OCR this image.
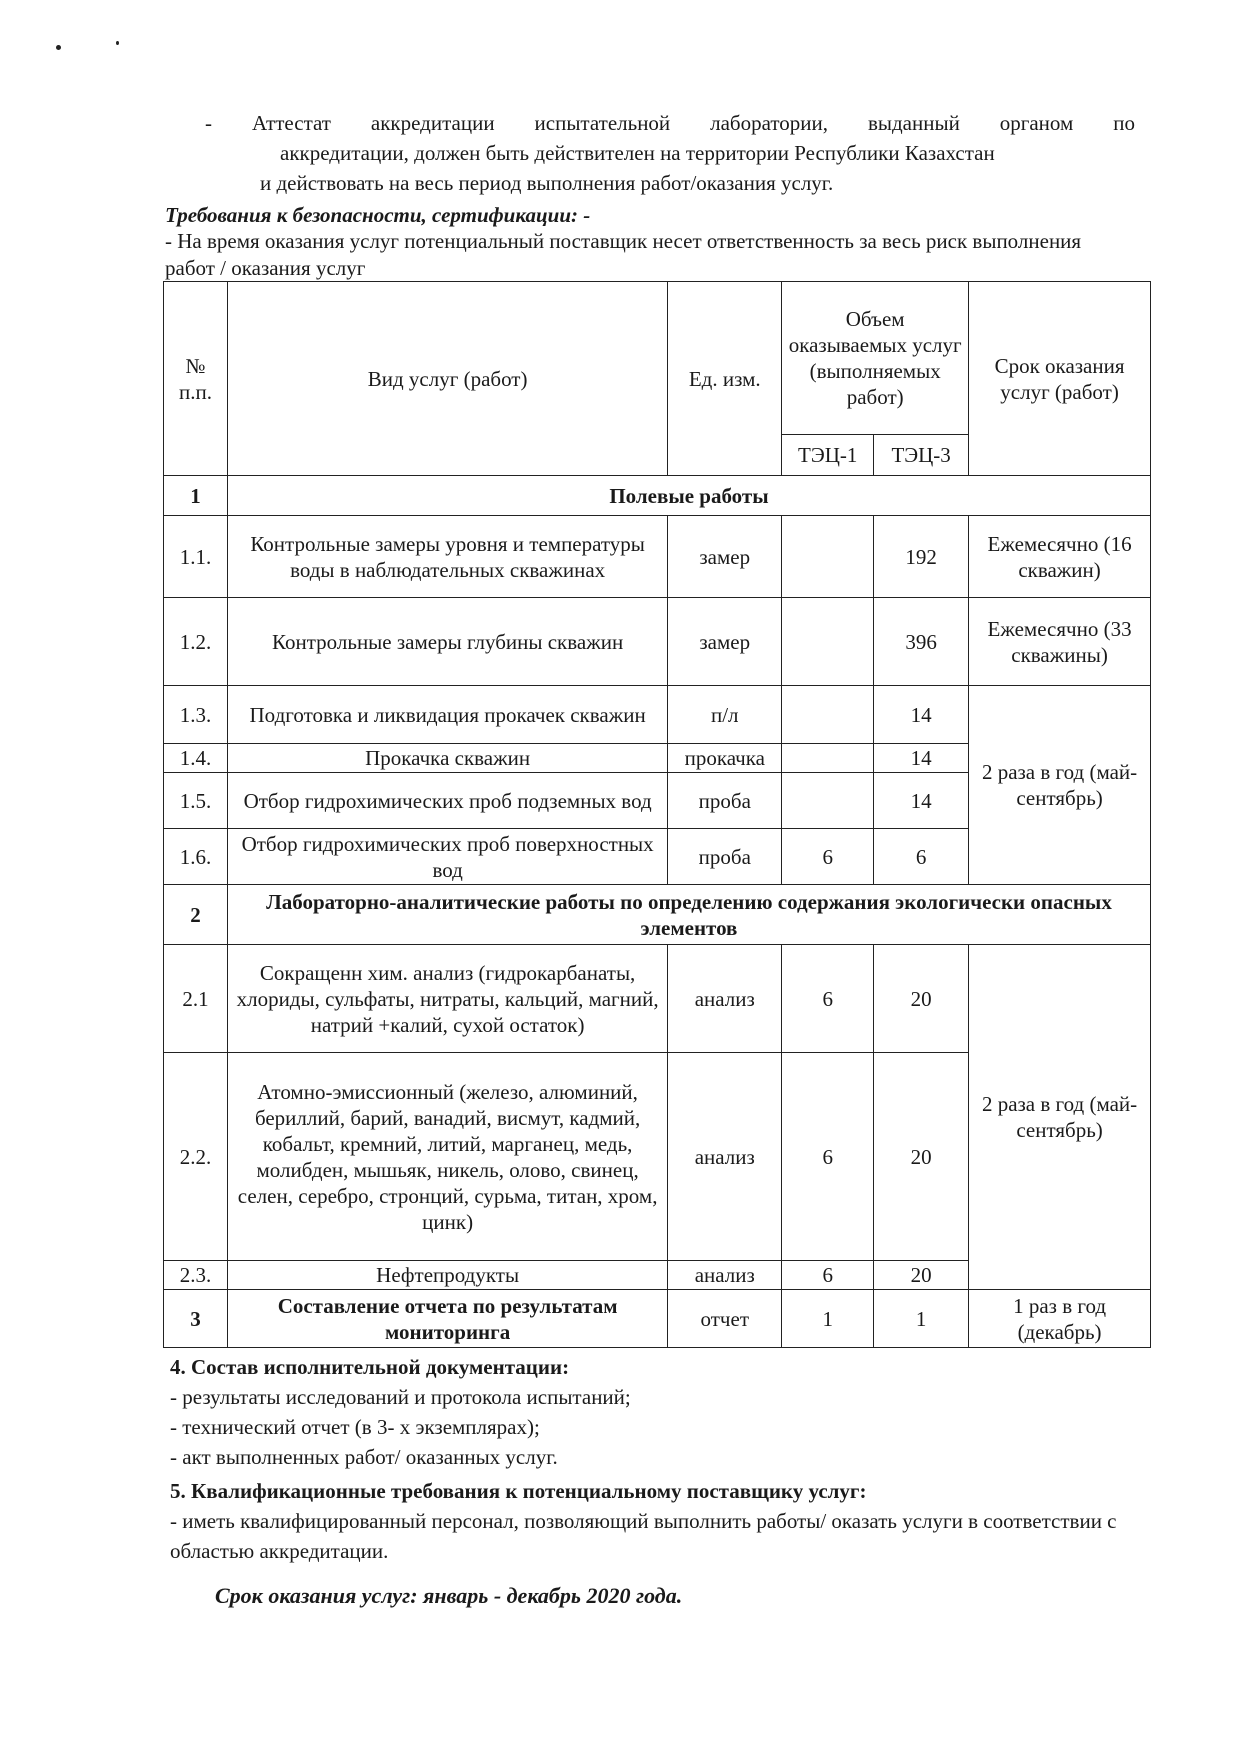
- Аттестат аккредитации испытательной лаборатории, выданный органом по
аккредитации, должен быть действителен на территории Республики Казахстан
и действовать на весь период выполнения работ/оказания услуг.
Требования к безопасности, сертификации: -
- На время оказания услуг потенциальный поставщик несет ответственность за весь риск выполнения работ / оказания услуг
№ п.п.	Вид услуг (работ)	Ед. изм.	Объем оказываемых услуг (выполняемых работ)		Срок оказания услуг (работ)
			ТЭЦ-1	ТЭЦ-3	
1	Полевые работы				
1.1.	Контрольные замеры уровня и температуры воды в наблюдательных скважинах	замер		192	Ежемесячно (16 скважин)
1.2.	Контрольные замеры глубины скважин	замер		396	Ежемесячно (33 скважины)
1.3.	Подготовка и ликвидация прокачек скважин	п/л		14	2 раза в год (май- сентябрь)
1.4.	Прокачка скважин	прокачка		14	
1.5.	Отбор гидрохимических проб подземных вод	проба		14	
1.6.	Отбор гидрохимических проб поверхностных вод	проба	6	6	
2	Лабораторно-аналитические работы по определению содержания экологически опасных элементов				
2.1	Сокращенн хим. анализ (гидрокарбанаты, хлориды, сульфаты, нитраты, кальций, магний, натрий +калий, сухой остаток)	анализ	6	20	2 раза в год (май- сентябрь)
2.2.	Атомно-эмиссионный (железо, алюминий, бериллий, барий, ванадий, висмут, кадмий, кобальт, кремний, литий, марганец, медь, молибден, мышьяк, никель, олово, свинец, селен, серебро, стронций, сурьма, титан, хром, цинк)	анализ	6	20	
2.3.	Нефтепродукты	анализ	6	20	
3	Составление отчета по результатам мониторинга	отчет	1	1	1 раз в год (декабрь)
4. Состав исполнительной документации:
- результаты исследований и протокола испытаний;
- технический отчет (в 3- х экземплярах);
- акт выполненных работ/ оказанных услуг.
5. Квалификационные требования к потенциальному поставщику услуг:
- иметь квалифицированный персонал, позволяющий выполнить работы/ оказать услуги в соответствии с областью аккредитации.
Срок оказания услуг: январь - декабрь 2020 года.
